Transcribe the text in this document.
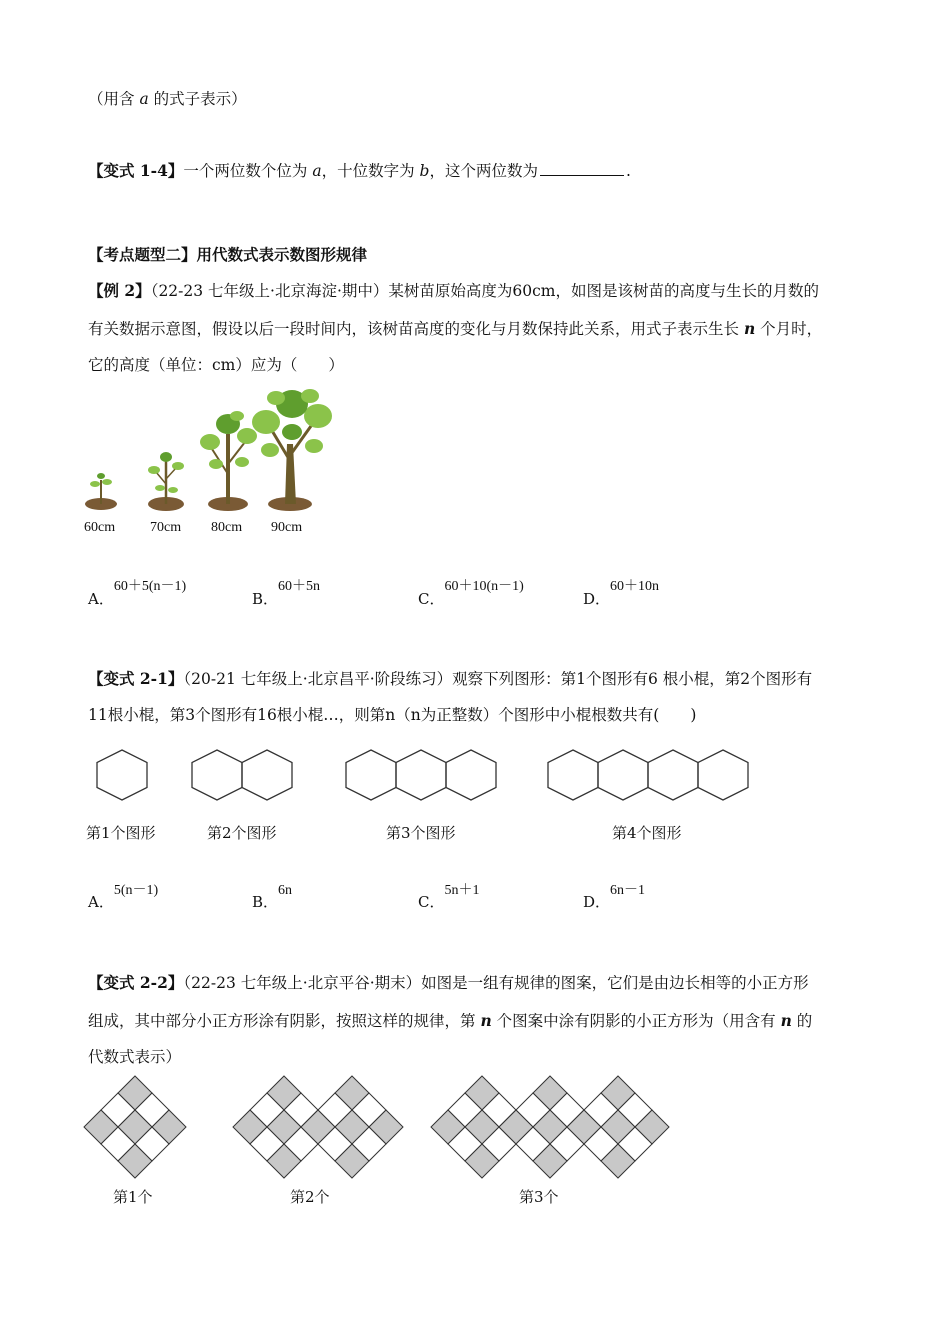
（用含 a 的式子表示）
【变式 1-4】一个两位数个位为 a，十位数字为 b，这个两位数为	.
【考点题型二】用代数式表示数图形规律
【例 2】（22-23 七年级上·北京海淀·期中）某树苗原始高度为60cm，如图是该树苗的高度与生长的月数的
有关数据示意图，假设以后一段时间内，该树苗高度的变化与月数保持此关系，用式子表示生长 n 个月时，
它的高度（单位：cm）应为（　　）
60cm 70cm 80cm 90cm
A．60＋5(n－1)
B．60＋5n
C．60＋10(n－1)
D．60＋10n
【变式 2-1】（20-21 七年级上·北京昌平·阶段练习）观察下列图形：第1个图形有6 根小棍，第2个图形有
11根小棍，第3个图形有16根小棍…，则第n（n为正整数）个图形中小棍根数共有(　　)
第1个图形	第2个图形	第3个图形	第4个图形
A．5(n－1)
B．6n
C．5n＋1
D．6n－1
【变式 2-2】（22-23 七年级上·北京平谷·期末）如图是一组有规律的图案，它们是由边长相等的小正方形
组成，其中部分小正方形涂有阴影，按照这样的规律，第 n 个图案中涂有阴影的小正方形为（用含有 n 的
代数式表示）
第1个	第2个	第3个
